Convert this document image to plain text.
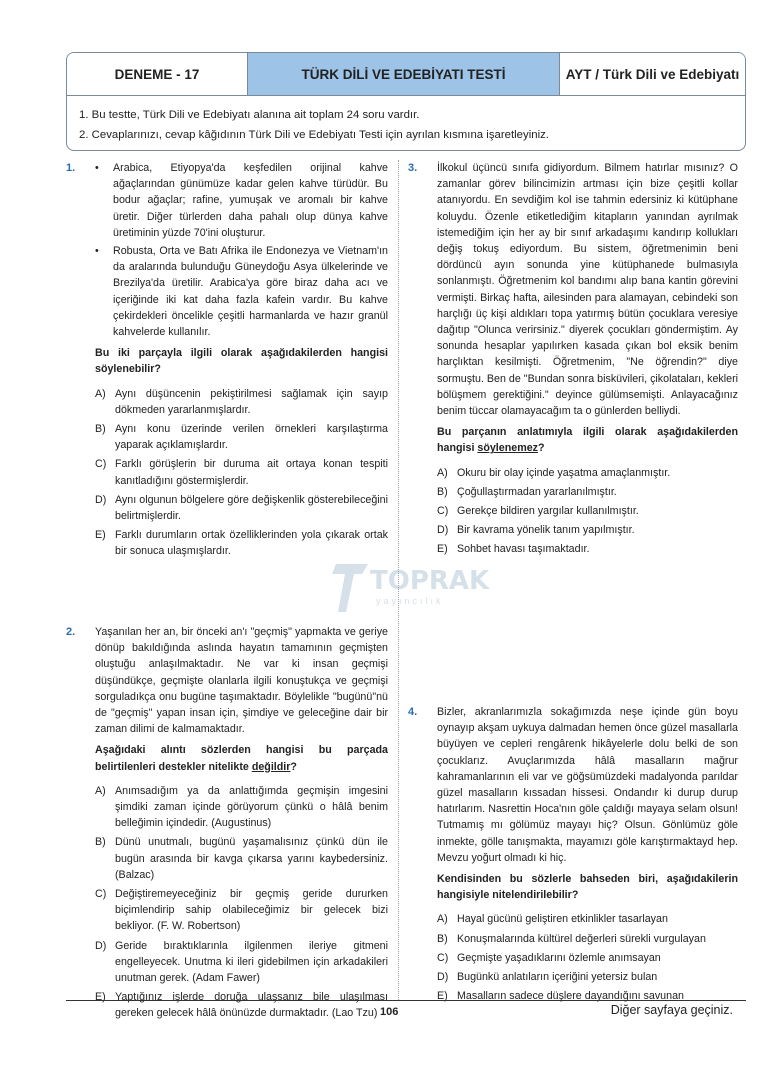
DENEME - 17	TÜRK DİLİ VE EDEBİYATI TESTİ	AYT / Türk Dili ve Edebiyatı
1. Bu testte, Türk Dili ve Edebiyatı alanına ait toplam 24 soru vardır.
2. Cevaplarınızı, cevap kâğıdının Türk Dili ve Edebiyatı Testi için ayrılan kısmına işaretleyiniz.
1. •	Arabica, Etiyopya'da keşfedilen orijinal kahve ağaçlarından günümüze kadar gelen kahve türüdür. Bu bodur ağaçlar; rafine, yumuşak ve aromalı bir kahve üretir. Diğer türlerden daha pahalı olup dünya kahve üretiminin yüzde 70'ini oluşturur.
•	Robusta, Orta ve Batı Afrika ile Endonezya ve Vietnam'ın da aralarında bulunduğu Güneydoğu Asya ülkelerinde ve Brezilya'da üretilir. Arabica'ya göre biraz daha acı ve içeriğinde iki kat daha fazla kafein vardır. Bu kahve çekirdekleri öncelikle çeşitli harmanlarda ve hazır granül kahvelerde kullanılır.
Bu iki parçayla ilgili olarak aşağıdakilerden hangisi söylenebilir?
A) Aynı düşüncenin pekiştirilmesi sağlamak için sayıp dökmeden yararlanmışlardır.
B) Aynı konu üzerinde verilen örnekleri karşılaştırma yaparak açıklamışlardır.
C) Farklı görüşlerin bir duruma ait ortaya konan tespiti kanıtladığını göstermişlerdir.
D) Aynı olgunun bölgelere göre değişkenlik gösterebileceğini belirtmişlerdir.
E) Farklı durumların ortak özelliklerinden yola çıkarak ortak bir sonuca ulaşmışlardır.
2. Yaşanılan her an, bir önceki an'ı "geçmiş" yapmakta ve geriye dönüp bakıldığında aslında hayatın tamamının geçmişten oluştuğu anlaşılmaktadır. Ne var ki insan geçmişi düşündükçe, geçmişte olanlarla ilgili konuştukça ve geçmişi sorguladıkça onu bugüne taşımaktadır. Böylelikle "bugünü"nü de "geçmiş" yapan insan için, şimdiye ve geleceğine dair bir zaman dilimi de kalmamaktadır.

Aşağıdaki alıntı sözlerden hangisi bu parçada belirtilenleri destekler nitelikte değildir?
A) Anımsadığım ya da anlattığımda geçmişin imgesini şimdiki zaman içinde görüyorum çünkü o hâlâ benim belleğimin içindedir. (Augustinus)
B) Dünü unutmalı, bugünü yaşamalısınız çünkü dün ile bugün arasında bir kavga çıkarsa yarını kaybedersiniz. (Balzac)
C) Değiştiremeyeceğiniz bir geçmiş geride dururken biçimlendirip sahip olabileceğimiz bir gelecek bizi bekliyor. (F. W. Robertson)
D) Geride bıraktıklarınla ilgilenmen ileriye gitmeni engelleyecek. Unutma ki ileri gidebilmen için arkadakileri unutman gerek. (Adam Fawer)
E) Yaptığınız işlerde doruğa ulaşsanız bile ulaşılması gereken gelecek hâlâ önünüzde durmaktadır. (Lao Tzu)
3. İlkokul üçüncü sınıfa gidiyordum. Bilmem hatırlar mısınız? O zamanlar görev bilincimizin artması için bize çeşitli kollar atanıyordu. En sevdiğim kol ise tahmin edersiniz ki kütüphane koluydu. Özenle etiketlediğim kitapların yanından ayrılmak istemediğim için her ay bir sınıf arkadaşımı kandırıp kollukları değiş tokuş ediyordum. Bu sistem, öğretmenimin beni dördüncü ayın sonunda yine kütüphanede bulmasıyla sonlanmıştı. Öğretmenim kol bandımı alıp bana kantin görevini vermişti. Birkaç hafta, ailesinden para alamayan, cebindeki son harçlığı üç kişi aldıkları topa yatırmış bütün çocuklara veresiye dağıtıp "Olunca verirsiniz." diyerek çocukları göndermiştim. Ay sonunda hesaplar yapılırken kasada çıkan bol eksik benim harçlıktan kesilmişti. Öğretmenim, "Ne öğrendin?" diye sormuştu. Ben de "Bundan sonra bisküvileri, çikolataları, kekleri bölüşmem gerektiğini." deyince gülümsemişti. Anlayacağınız benim tüccar olamayacağım ta o günlerden belliydi.

Bu parçanın anlatımıyla ilgili olarak aşağıdakilerden hangisi söylenemez?
A) Okuru bir olay içinde yaşatma amaçlanmıştır.
B) Çoğullaştırmadan yararlanılmıştır.
C) Gerekçe bildiren yargılar kullanılmıştır.
D) Bir kavrama yönelik tanım yapılmıştır.
E) Sohbet havası taşımaktadır.
TOPRAK
yayıncılık
4. Bizler, akranlarımızla sokağımızda neşe içinde gün boyu oynayıp akşam uykuya dalmadan hemen önce güzel masallarla büyüyen ve cepleri rengârenk hikâyelerle dolu belki de son çocuklarız. Avuçlarımızda hâlâ masalların mağrur kahramanlarının eli var ve göğsümüzdeki madalyonda parıldar güzel masalların kıssadan hissesi. Ondandır ki durup durup hatırlarım. Nasrettin Hoca'nın göle çaldığı mayaya selam olsun! Tutmamış mı gölümüz mayayı hiç? Olsun. Gönlümüz göle inmekte, gölle tanışmakta, mayamızı göle karıştırmaktayd hep. Mevzu yoğurt olmadı ki hiç.

Kendisinden bu sözlerle bahseden biri, aşağıdakilerin hangisiyle nitelendirilebilir?
A) Hayal gücünü geliştiren etkinlikler tasarlayan
B) Konuşmalarında kültürel değerleri sürekli vurgulayan
C) Geçmişte yaşadıklarını özlemle anımsayan
D) Bugünkü anlatıların içeriğini yetersiz bulan
E) Masalların sadece düşlere dayandığını savunan
106	Diğer sayfaya geçiniz.
